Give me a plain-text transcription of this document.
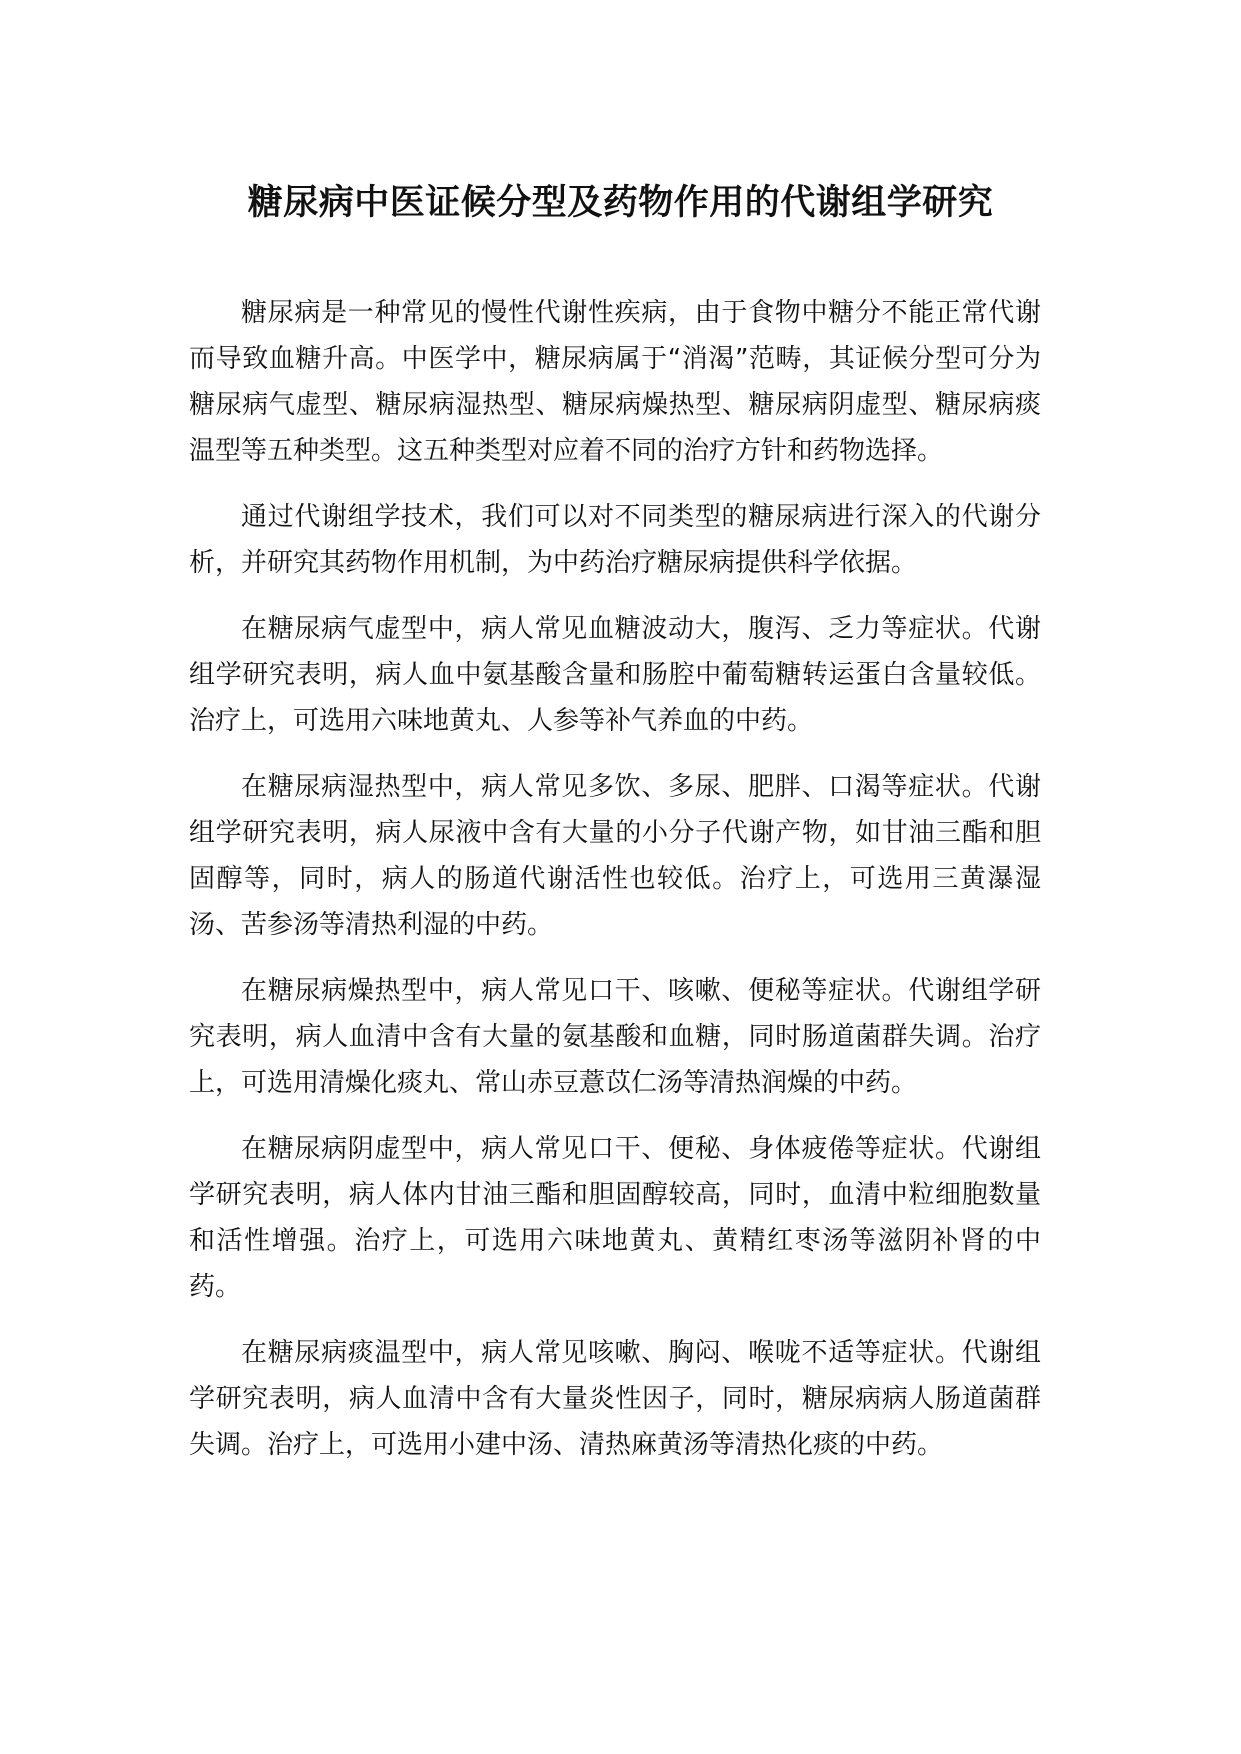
糖尿病中医证候分型及药物作用的代谢组学研究

糖尿病是一种常见的慢性代谢性疾病，由于食物中糖分不能正常代谢而导致血糖升高。中医学中，糖尿病属于“消渴”范畴，其证候分型可分为糖尿病气虚型、糖尿病湿热型、糖尿病燥热型、糖尿病阴虚型、糖尿病痰温型等五种类型。这五种类型对应着不同的治疗方针和药物选择。

通过代谢组学技术，我们可以对不同类型的糖尿病进行深入的代谢分析，并研究其药物作用机制，为中药治疗糖尿病提供科学依据。

在糖尿病气虚型中，病人常见血糖波动大，腹泻、乏力等症状。代谢组学研究表明，病人血中氨基酸含量和肠腔中葡萄糖转运蛋白含量较低。治疗上，可选用六味地黄丸、人参等补气养血的中药。

在糖尿病湿热型中，病人常见多饮、多尿、肥胖、口渴等症状。代谢组学研究表明，病人尿液中含有大量的小分子代谢产物，如甘油三酯和胆固醇等，同时，病人的肠道代谢活性也较低。治疗上，可选用三黄瀑湿汤、苦参汤等清热利湿的中药。

在糖尿病燥热型中，病人常见口干、咳嗽、便秘等症状。代谢组学研究表明，病人血清中含有大量的氨基酸和血糖，同时肠道菌群失调。治疗上，可选用清燥化痰丸、常山赤豆薏苡仁汤等清热润燥的中药。

在糖尿病阴虚型中，病人常见口干、便秘、身体疲倦等症状。代谢组学研究表明，病人体内甘油三酯和胆固醇较高，同时，血清中粒细胞数量和活性增强。治疗上，可选用六味地黄丸、黄精红枣汤等滋阴补肾的中药。

在糖尿病痰温型中，病人常见咳嗽、胸闷、喉咙不适等症状。代谢组学研究表明，病人血清中含有大量炎性因子，同时，糖尿病病人肠道菌群失调。治疗上，可选用小建中汤、清热麻黄汤等清热化痰的中药。
